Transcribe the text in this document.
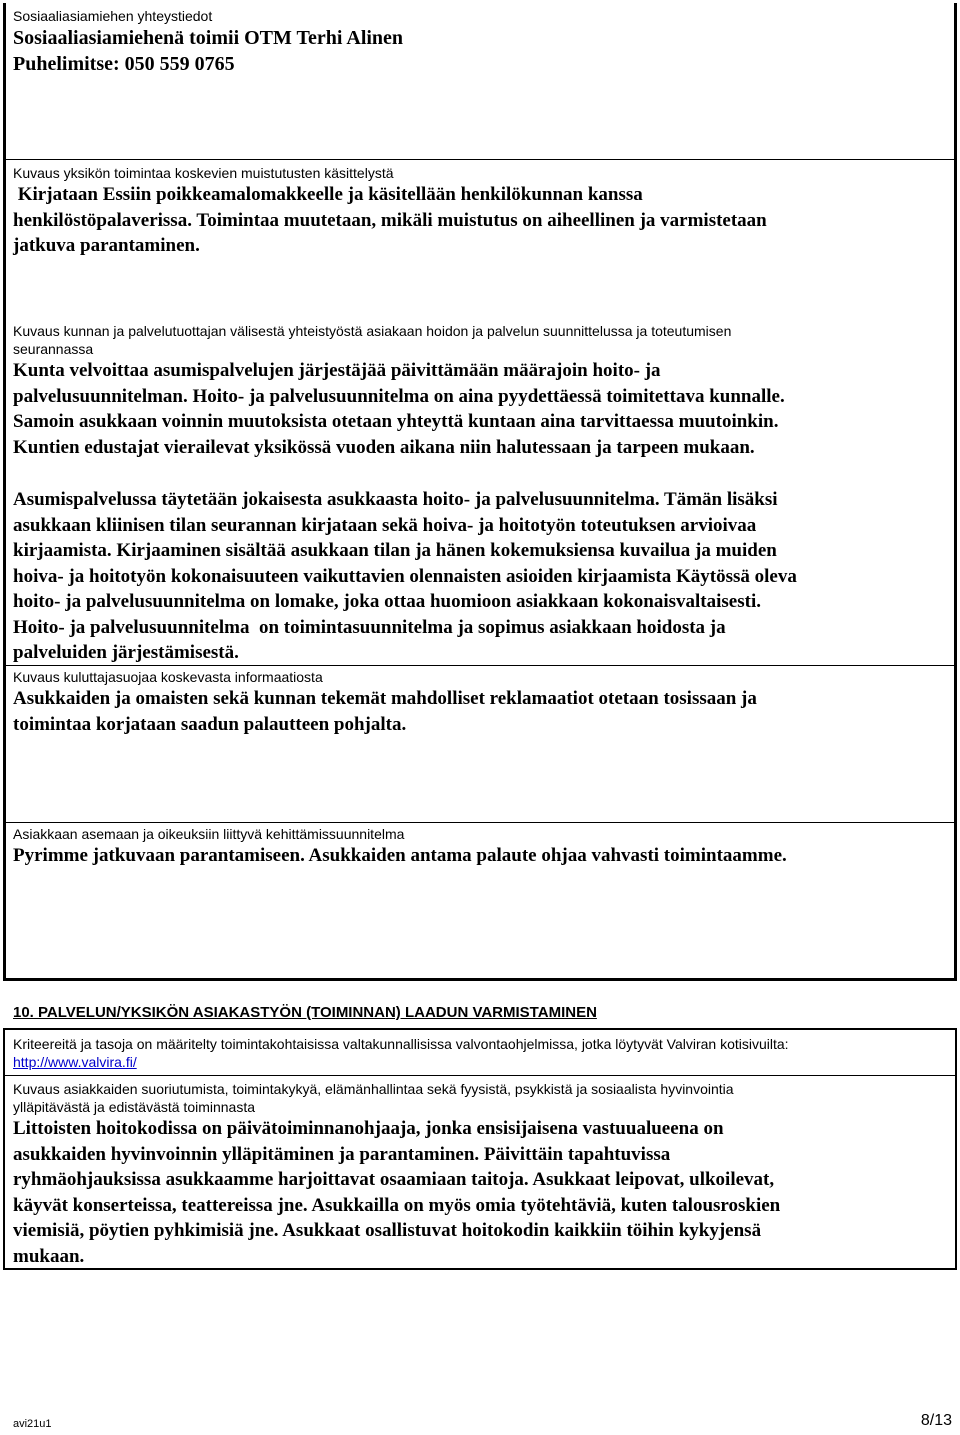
Sosiaaliasiamiehen yhteystiedot
Sosiaaliasiamiehenä toimii OTM Terhi Alinen
Puhelimitse: 050 559 0765
Kuvaus yksikön toimintaa koskevien muistutusten käsittelystä
Kirjataan Essiin poikkeamalomakkeelle ja käsitellään henkilökunnan kanssa
henkilöstöpalaverissa. Toimintaa muutetaan, mikäli muistutus on aiheellinen ja varmistetaan
jatkuva parantaminen.
Kuvaus kunnan ja palvelutuottajan välisestä yhteistyöstä asiakaan hoidon ja palvelun suunnittelussa ja toteutumisen
seurannassa
Kunta velvoittaa asumispalvelujen järjestäjää päivittämään määrajoin hoito- ja
palvelusuunnitelman. Hoito- ja palvelusuunnitelma on aina pyydettäessä toimitettava kunnalle.
Samoin asukkaan voinnin muutoksista otetaan yhteyttä kuntaan aina tarvittaessa muutoinkin.
Kuntien edustajat vierailevat yksikössä vuoden aikana niin halutessaan ja tarpeen mukaan.
Asumispalvelussa täytetään jokaisesta asukkaasta hoito- ja palvelusuunnitelma. Tämän lisäksi
asukkaan kliinisen tilan seurannan kirjataan sekä hoiva- ja hoitotyön toteutuksen arvioivaa
kirjaamista. Kirjaaminen sisältää asukkaan tilan ja hänen kokemuksiensa kuvailua ja muiden
hoiva- ja hoitotyön kokonaisuuteen vaikuttavien olennaisten asioiden kirjaamista Käytössä oleva
hoito- ja palvelusuunnitelma on lomake, joka ottaa huomioon asiakkaan kokonaisvaltaisesti.
Hoito- ja palvelusuunnitelma  on toimintasuunnitelma ja sopimus asiakkaan hoidosta ja
palveluiden järjestämisestä.
Kuvaus kuluttajasuojaa koskevasta informaatiosta
Asukkaiden ja omaisten sekä kunnan tekemät mahdolliset reklamaatiot otetaan tosissaan ja
toimintaa korjataan saadun palautteen pohjalta.
Asiakkaan asemaan ja oikeuksiin liittyvä kehittämissuunnitelma
Pyrimme jatkuvaan parantamiseen. Asukkaiden antama palaute ohjaa vahvasti toimintaamme.
10. PALVELUN/YKSIKÖN ASIAKASTYÖN (TOIMINNAN) LAADUN VARMISTAMINEN
Kriteereitä ja tasoja on määritelty toimintakohtaisissa valtakunnallisissa valvontaohjelmissa, jotka löytyvät Valviran kotisivuilta:
http://www.valvira.fi/
Kuvaus asiakkaiden suoriutumista, toimintakykyä, elämänhallintaa sekä fyysistä, psykkistä ja sosiaalista hyvinvointia
ylläpitävästä ja edistävästä toiminnasta
Littoisten hoitokodissa on päivätoiminnanohjaaja, jonka ensisijaisena vastuualueena on
asukkaiden hyvinvoinnin ylläpitäminen ja parantaminen. Päivittäin tapahtuvissa
ryhmäohjauksissa asukkaamme harjoittavat osaamiaan taitoja. Asukkaat leipovat, ulkoilevat,
käyvät konserteissa, teattereissa jne. Asukkailla on myös omia työtehtäviä, kuten talousroskien
viemisiä, pöytien pyhkimisiä jne. Asukkaat osallistuvat hoitokodin kaikkiin töihin kykyjensä
mukaan.
avi21u1	8/13
